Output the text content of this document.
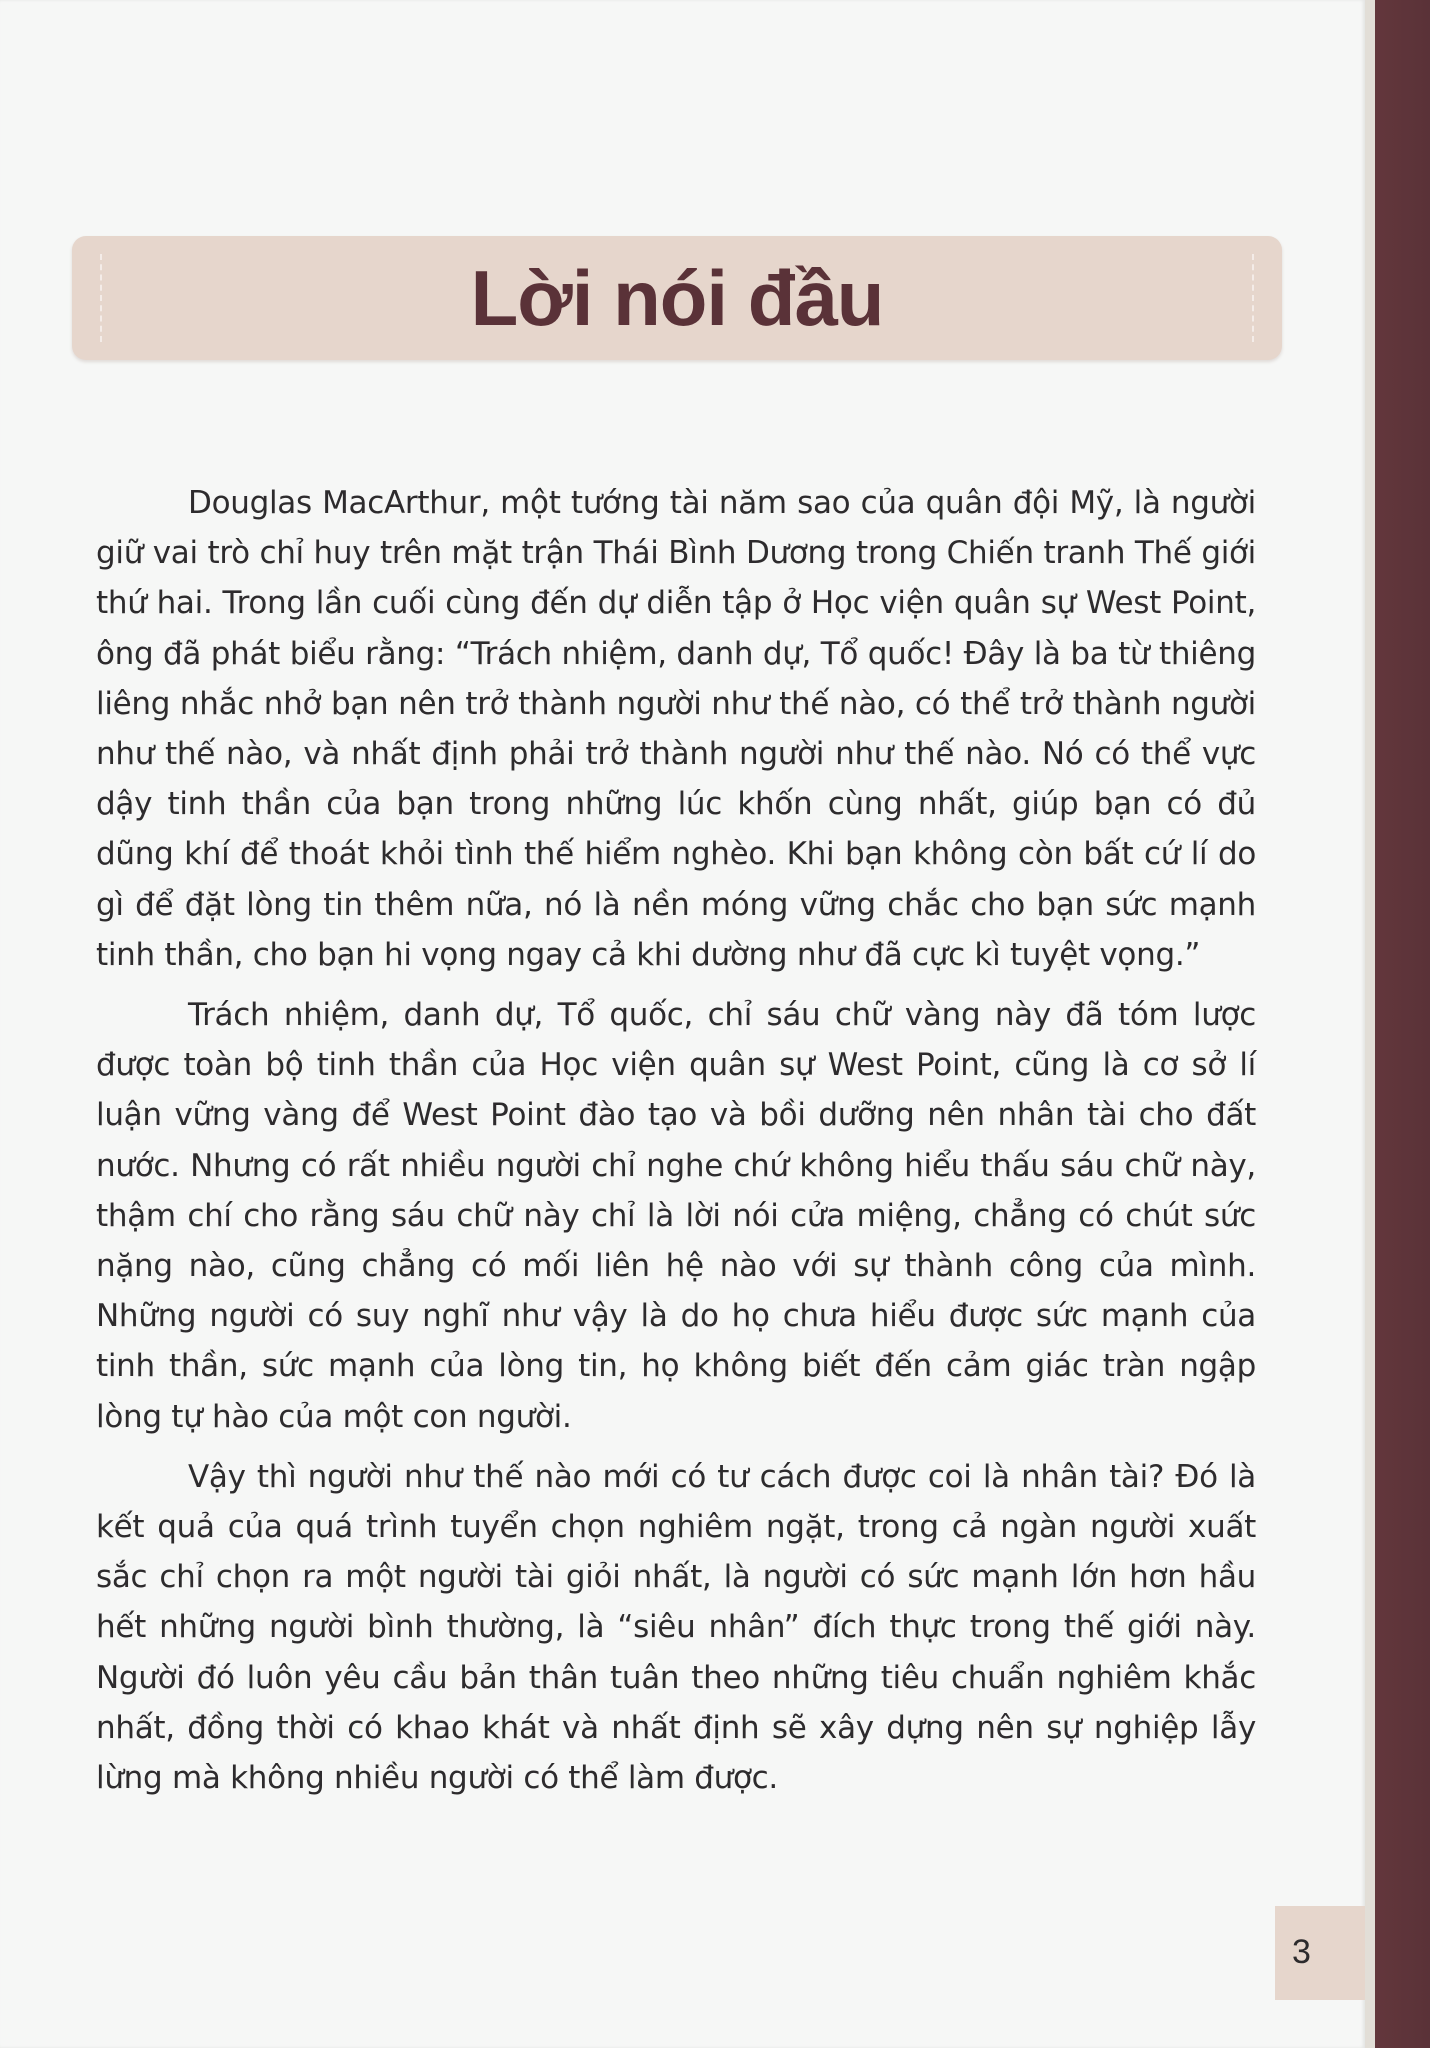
Lời nói đầu

Douglas MacArthur, một tướng tài năm sao của quân đội Mỹ, là người giữ vai trò chỉ huy trên mặt trận Thái Bình Dương trong Chiến tranh Thế giới thứ hai. Trong lần cuối cùng đến dự diễn tập ở Học viện quân sự West Point, ông đã phát biểu rằng: “Trách nhiệm, danh dự, Tổ quốc! Đây là ba từ thiêng liêng nhắc nhở bạn nên trở thành người như thế nào, có thể trở thành người như thế nào, và nhất định phải trở thành người như thế nào. Nó có thể vực dậy tinh thần của bạn trong những lúc khốn cùng nhất, giúp bạn có đủ dũng khí để thoát khỏi tình thế hiểm nghèo. Khi bạn không còn bất cứ lí do gì để đặt lòng tin thêm nữa, nó là nền móng vững chắc cho bạn sức mạnh tinh thần, cho bạn hi vọng ngay cả khi dường như đã cực kì tuyệt vọng.”

Trách nhiệm, danh dự, Tổ quốc, chỉ sáu chữ vàng này đã tóm lược được toàn bộ tinh thần của Học viện quân sự West Point, cũng là cơ sở lí luận vững vàng để West Point đào tạo và bồi dưỡng nên nhân tài cho đất nước. Nhưng có rất nhiều người chỉ nghe chứ không hiểu thấu sáu chữ này, thậm chí cho rằng sáu chữ này chỉ là lời nói cửa miệng, chẳng có chút sức nặng nào, cũng chẳng có mối liên hệ nào với sự thành công của mình. Những người có suy nghĩ như vậy là do họ chưa hiểu được sức mạnh của tinh thần, sức mạnh của lòng tin, họ không biết đến cảm giác tràn ngập lòng tự hào của một con người.

Vậy thì người như thế nào mới có tư cách được coi là nhân tài? Đó là kết quả của quá trình tuyển chọn nghiêm ngặt, trong cả ngàn người xuất sắc chỉ chọn ra một người tài giỏi nhất, là người có sức mạnh lớn hơn hầu hết những người bình thường, là “siêu nhân” đích thực trong thế giới này. Người đó luôn yêu cầu bản thân tuân theo những tiêu chuẩn nghiêm khắc nhất, đồng thời có khao khát và nhất định sẽ xây dựng nên sự nghiệp lẫy lừng mà không nhiều người có thể làm được.

3
